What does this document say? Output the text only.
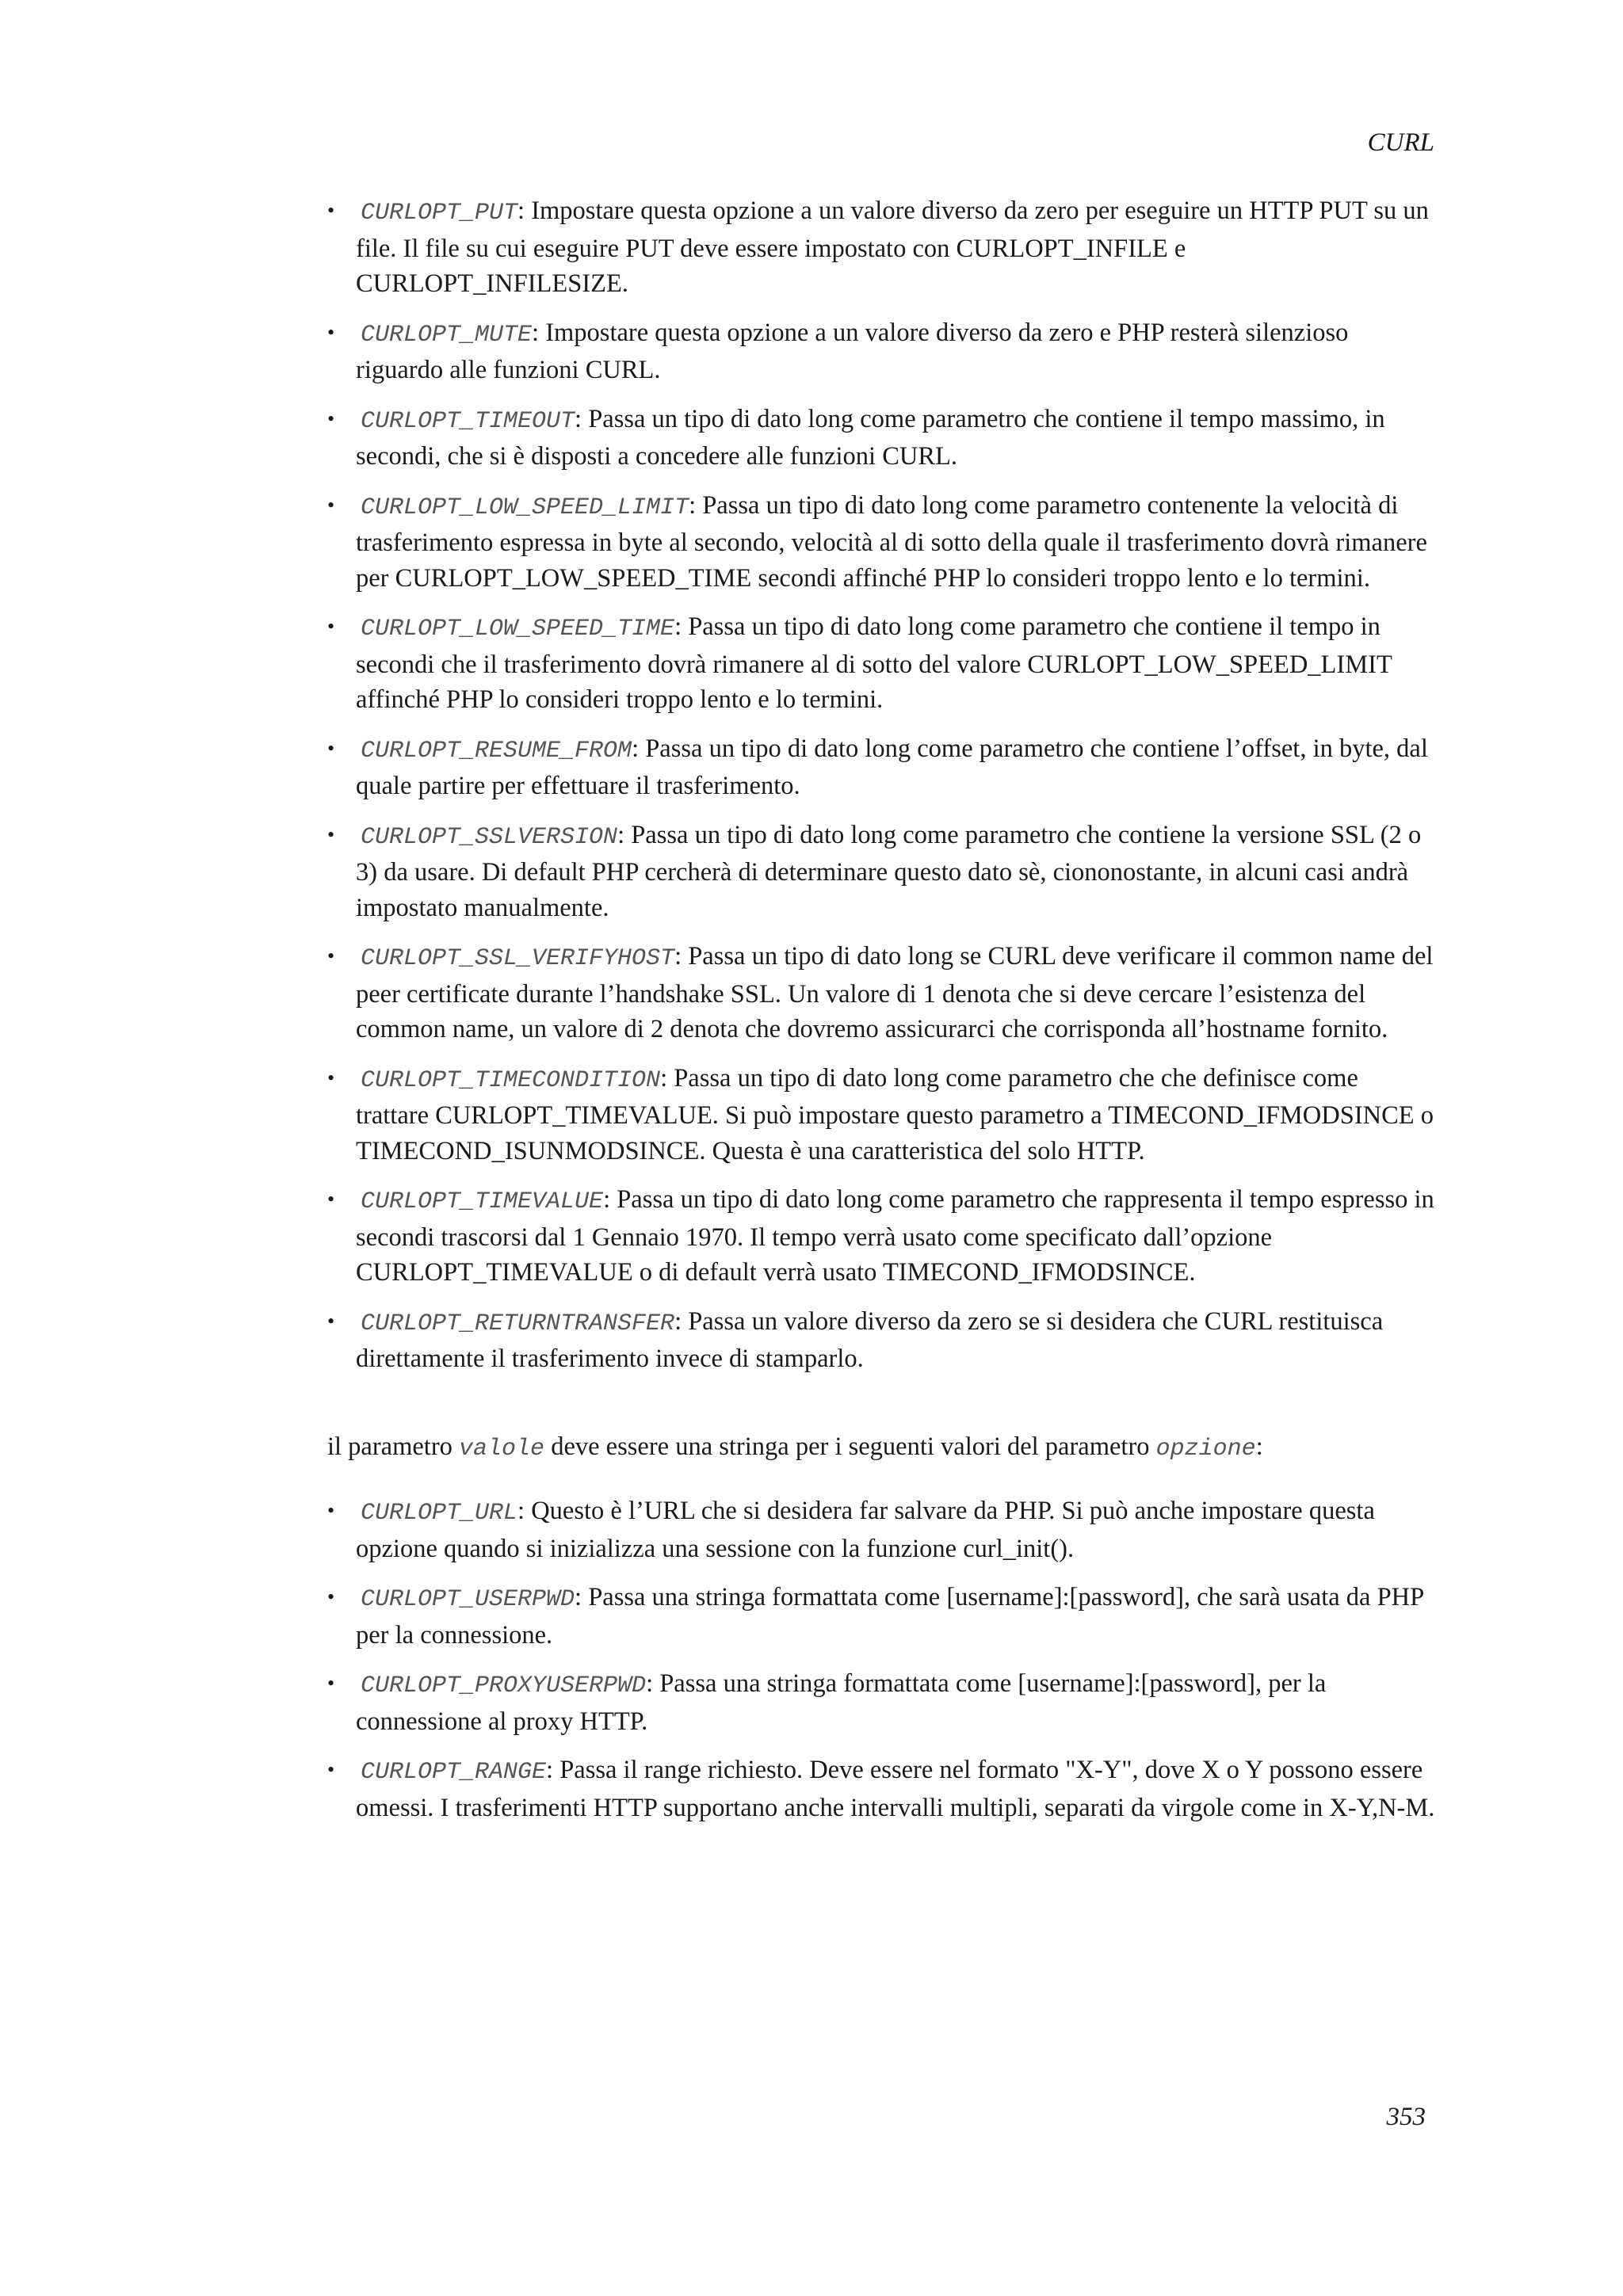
CURL
•	CURLOPT_PUT: Impostare questa opzione a un valore diverso da zero per eseguire un HTTP PUT su un file. Il file su cui eseguire PUT deve essere impostato con CURLOPT_INFILE e CURLOPT_INFILESIZE.
•	CURLOPT_MUTE: Impostare questa opzione a un valore diverso da zero e PHP resterà silenzioso riguardo alle funzioni CURL.
•	CURLOPT_TIMEOUT: Passa un tipo di dato long come parametro che contiene il tempo massimo, in secondi, che si è disposti a concedere alle funzioni CURL.
•	CURLOPT_LOW_SPEED_LIMIT: Passa un tipo di dato long come parametro contenente la velocità di trasferimento espressa in byte al secondo, velocità al di sotto della quale il trasferimento dovrà rimanere per CURLOPT_LOW_SPEED_TIME secondi affinché PHP lo consideri troppo lento e lo termini.
•	CURLOPT_LOW_SPEED_TIME: Passa un tipo di dato long come parametro che contiene il tempo in secondi che il trasferimento dovrà rimanere al di sotto del valore CURLOPT_LOW_SPEED_LIMIT affinché PHP lo consideri troppo lento e lo termini.
•	CURLOPT_RESUME_FROM: Passa un tipo di dato long come parametro che contiene l’offset, in byte, dal quale partire per effettuare il trasferimento.
•	CURLOPT_SSLVERSION: Passa un tipo di dato long come parametro che contiene la versione SSL (2 o 3) da usare. Di default PHP cercherà di determinare questo dato sè, ciononostante, in alcuni casi andrà impostato manualmente.
•	CURLOPT_SSL_VERIFYHOST: Passa un tipo di dato long se CURL deve verificare il common name del peer certificate durante l’handshake SSL. Un valore di 1 denota che si deve cercare l’esistenza del common name, un valore di 2 denota che dovremo assicurarci che corrisponda all’hostname fornito.
•	CURLOPT_TIMECONDITION: Passa un tipo di dato long come parametro che che definisce come trattare CURLOPT_TIMEVALUE. Si può impostare questo parametro a TIMECOND_IFMODSINCE o TIMECOND_ISUNMODSINCE. Questa è una caratteristica del solo HTTP.
•	CURLOPT_TIMEVALUE: Passa un tipo di dato long come parametro che rappresenta il tempo espresso in secondi trascorsi dal 1 Gennaio 1970. Il tempo verrà usato come specificato dall’opzione CURLOPT_TIMEVALUE o di default verrà usato TIMECOND_IFMODSINCE.
•	CURLOPT_RETURNTRANSFER: Passa un valore diverso da zero se si desidera che CURL restituisca direttamente il trasferimento invece di stamparlo.

il parametro valole deve essere una stringa per i seguenti valori del parametro opzione:

•	CURLOPT_URL: Questo è l’URL che si desidera far salvare da PHP. Si può anche impostare questa opzione quando si inizializza una sessione con la funzione curl_init().
•	CURLOPT_USERPWD: Passa una stringa formattata come [username]:[password], che sarà usata da PHP per la connessione.
•	CURLOPT_PROXYUSERPWD: Passa una stringa formattata come [username]:[password], per la connessione al proxy HTTP.
•	CURLOPT_RANGE: Passa il range richiesto. Deve essere nel formato "X-Y", dove X o Y possono essere omessi. I trasferimenti HTTP supportano anche intervalli multipli, separati da virgole come in X-Y,N-M.
353
